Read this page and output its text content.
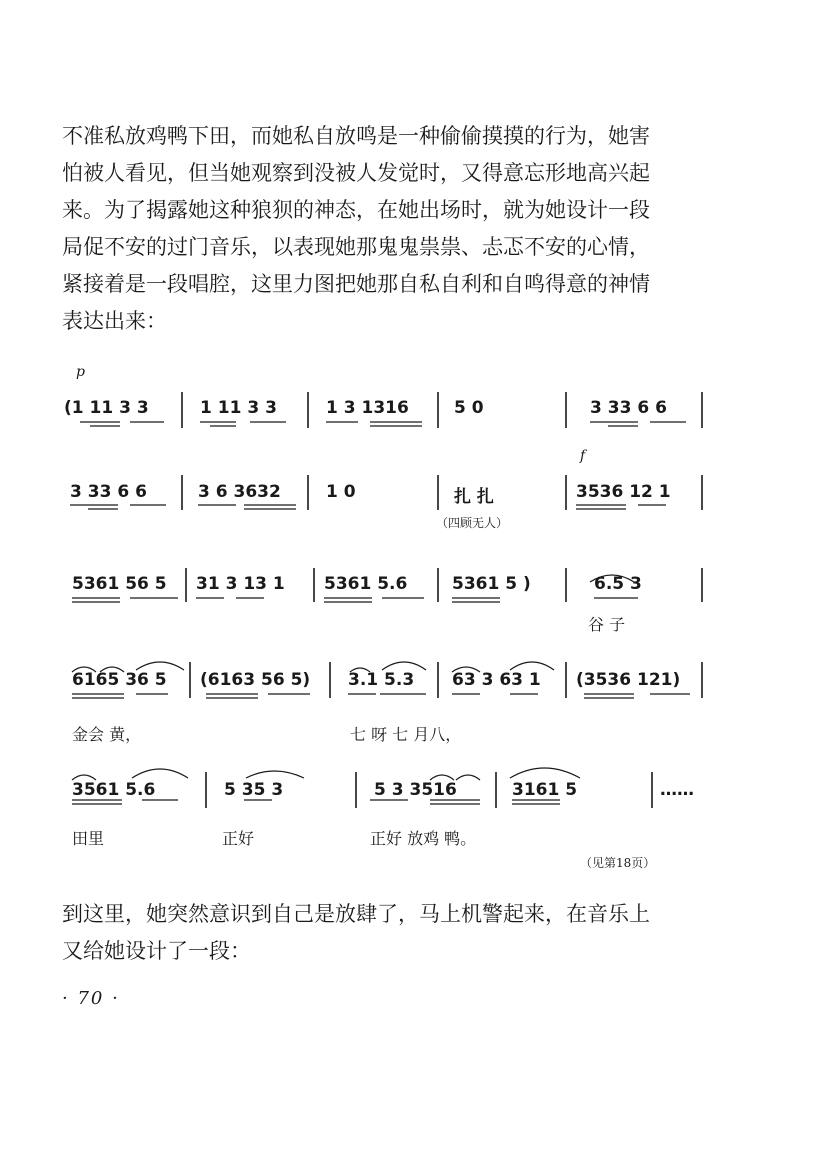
不准私放鸡鸭下田，而她私自放鸣是一种偷偷摸摸的行为，她害

怕被人看见，但当她观察到没被人发觉时，又得意忘形地高兴起

来。为了揭露她这种狼狈的神态，在她出场时，就为她设计一段

局促不安的过门音乐，以表现她那鬼鬼祟祟、忐忑不安的心情，

紧接着是一段唱腔，这里力图把她那自私自利和自鸣得意的神情

表达出来：

p
f
(1 11 3 3	1 11 3 3	1 3 1316	5 0	3 33 6 6
3 33 6 6	3 6 3632	1 0	扎 扎	3536 12 1
（四顾无人）
5361 56 5 31 3 13 1 5361 5.6	5361 5 )	6.5 3
谷 子
6165 36 5 (6163 56 5) 3.1 5.3 63 3 63 1 (3536 121)
金会 黄，	七 呀 七 月八，
3561 5.6	5 35 3	5 3 3516	3161 5	……
田里	正好	正好 放鸡 鸭。
（见第18页）

到这里，她突然意识到自己是放肆了，马上机警起来，在音乐上

又给她设计了一段：

· 70 ·
